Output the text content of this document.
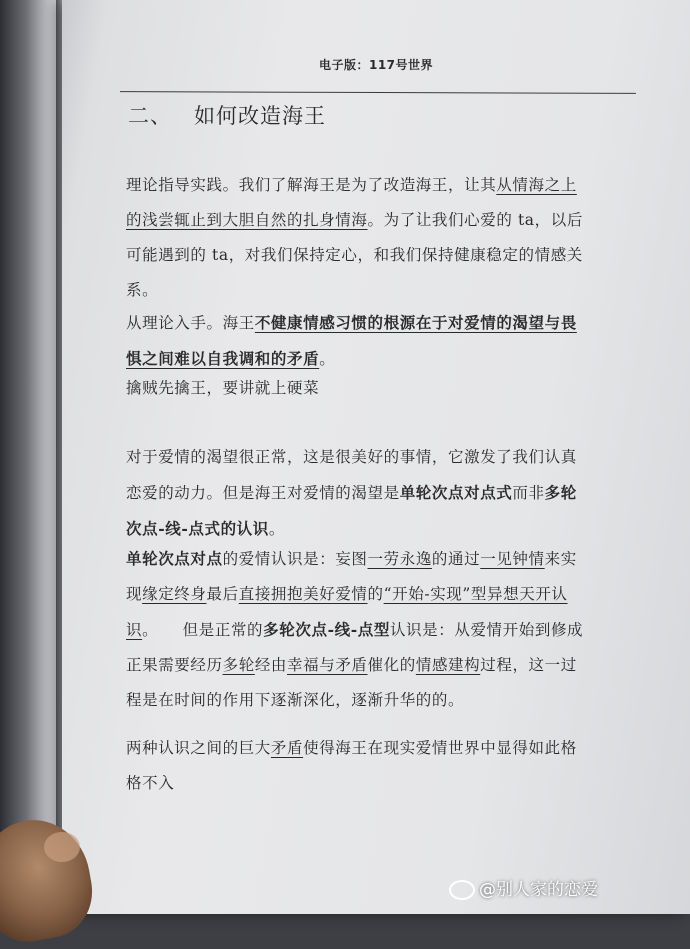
电子版：117号世界
二、 如何改造海王
理论指导实践。我们了解海王是为了改造海王，让其从情海之上的浅尝辄止到大胆自然的扎身情海。为了让我们心爱的 ta，以后可能遇到的 ta，对我们保持定心，和我们保持健康稳定的情感关系。
从理论入手。海王不健康情感习惯的根源在于对爱情的渴望与畏惧之间难以自我调和的矛盾。
擒贼先擒王，要讲就上硬菜
对于爱情的渴望很正常，这是很美好的事情，它激发了我们认真恋爱的动力。但是海王对爱情的渴望是单轮次点对点式而非多轮次点-线-点式的认识。
单轮次点对点的爱情认识是：妄图一劳永逸的通过一见钟情来实现缘定终身最后直接拥抱美好爱情的“开始-实现”型异想天开认识。　　但是正常的多轮次点-线-点型认识是：从爱情开始到修成正果需要经历多轮经由幸福与矛盾催化的情感建构过程，这一过程是在时间的作用下逐渐深化，逐渐升华的的。
两种认识之间的巨大矛盾使得海王在现实爱情世界中显得如此格格不入
@别人家的恋爱
